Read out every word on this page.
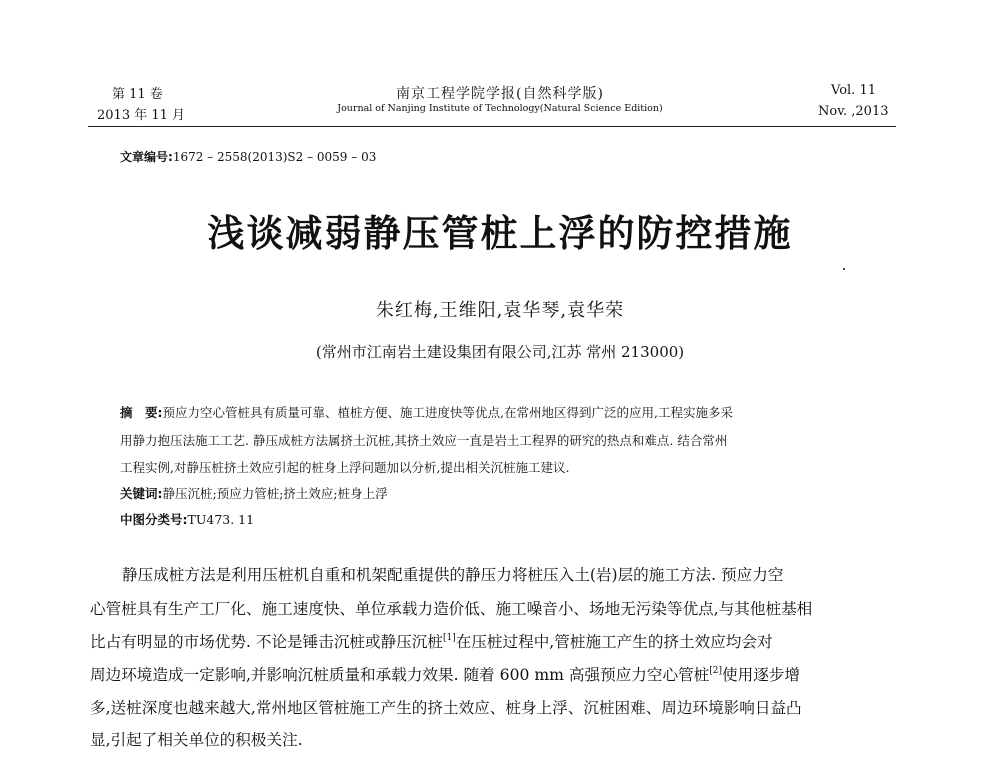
第 11 卷
2013 年 11 月
南京工程学院学报(自然科学版)
Journal of Nanjing Institute of Technology(Natural Science Edition)
Vol. 11
Nov. ,2013
文章编号:1672 – 2558(2013)S2 – 0059 – 03
浅谈减弱静压管桩上浮的防控措施
朱红梅,王维阳,袁华琴,袁华荣
(常州市江南岩土建设集团有限公司,江苏 常州 213000)
摘　要:预应力空心管桩具有质量可靠、植桩方便、施工进度快等优点,在常州地区得到广泛的应用,工程实施多采
用静力抱压法施工工艺. 静压成桩方法属挤土沉桩,其挤土效应一直是岩土工程界的研究的热点和难点. 结合常州
工程实例,对静压桩挤土效应引起的桩身上浮问题加以分析,提出相关沉桩施工建议.
关键词:静压沉桩;预应力管桩;挤土效应;桩身上浮
中图分类号:TU473. 11
静压成桩方法是利用压桩机自重和机架配重提供的静压力将桩压入土(岩)层的施工方法. 预应力空
心管桩具有生产工厂化、施工速度快、单位承载力造价低、施工噪音小、场地无污染等优点,与其他桩基相
比占有明显的市场优势. 不论是锤击沉桩或静压沉桩[1]在压桩过程中,管桩施工产生的挤土效应均会对
周边环境造成一定影响,并影响沉桩质量和承载力效果. 随着 600 mm 高强预应力空心管桩[2]使用逐步增
多,送桩深度也越来越大,常州地区管桩施工产生的挤土效应、桩身上浮、沉桩困难、周边环境影响日益凸
显,引起了相关单位的积极关注.
